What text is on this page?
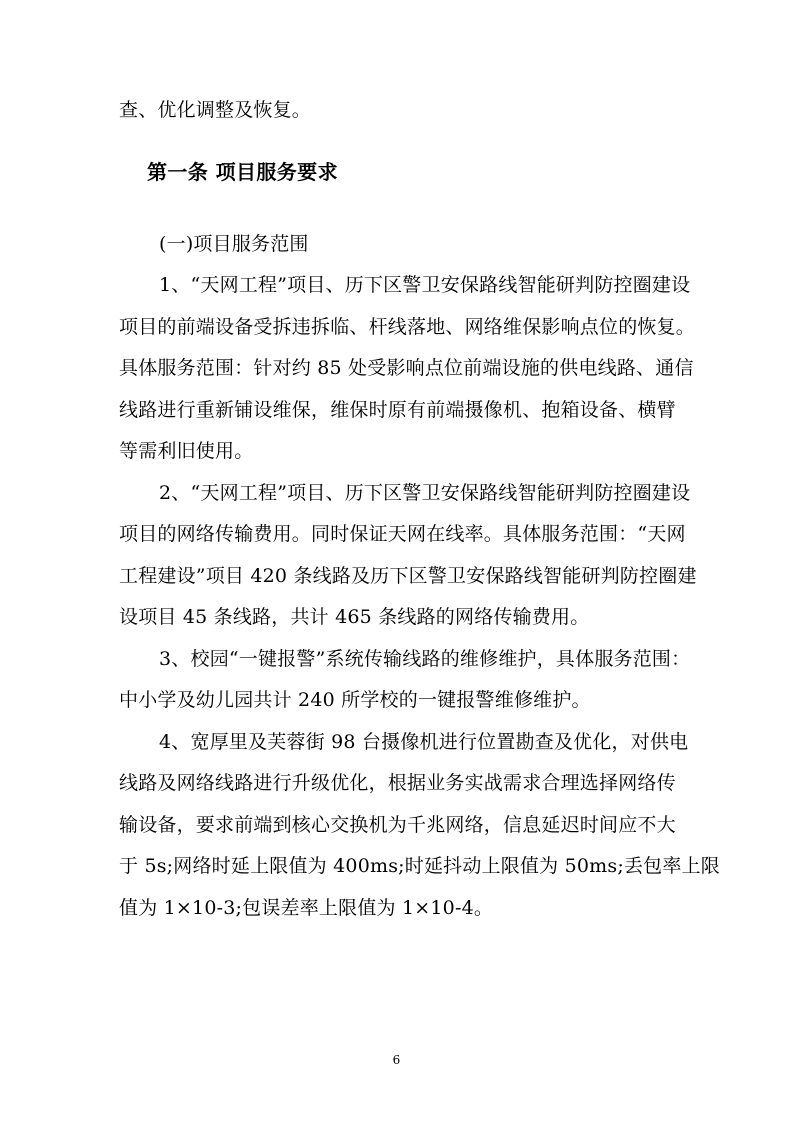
查、优化调整及恢复。
第一条 项目服务要求
(一)项目服务范围
1、“天网工程”项目、历下区警卫安保路线智能研判防控圈建设
项目的前端设备受拆违拆临、杆线落地、网络维保影响点位的恢复。
具体服务范围：针对约 85 处受影响点位前端设施的供电线路、通信
线路进行重新铺设维保，维保时原有前端摄像机、抱箱设备、横臂
等需利旧使用。
2、“天网工程”项目、历下区警卫安保路线智能研判防控圈建设
项目的网络传输费用。同时保证天网在线率。具体服务范围：“天网
工程建设”项目 420 条线路及历下区警卫安保路线智能研判防控圈建
设项目 45 条线路，共计 465 条线路的网络传输费用。
3、校园“一键报警”系统传输线路的维修维护，具体服务范围：
中小学及幼儿园共计 240 所学校的一键报警维修维护。
4、宽厚里及芙蓉街 98 台摄像机进行位置勘查及优化，对供电
线路及网络线路进行升级优化，根据业务实战需求合理选择网络传
输设备，要求前端到核心交换机为千兆网络，信息延迟时间应不大
于 5s;网络时延上限值为 400ms;时延抖动上限值为 50ms;丢包率上限
值为 1×10-3;包误差率上限值为 1×10-4。
6
